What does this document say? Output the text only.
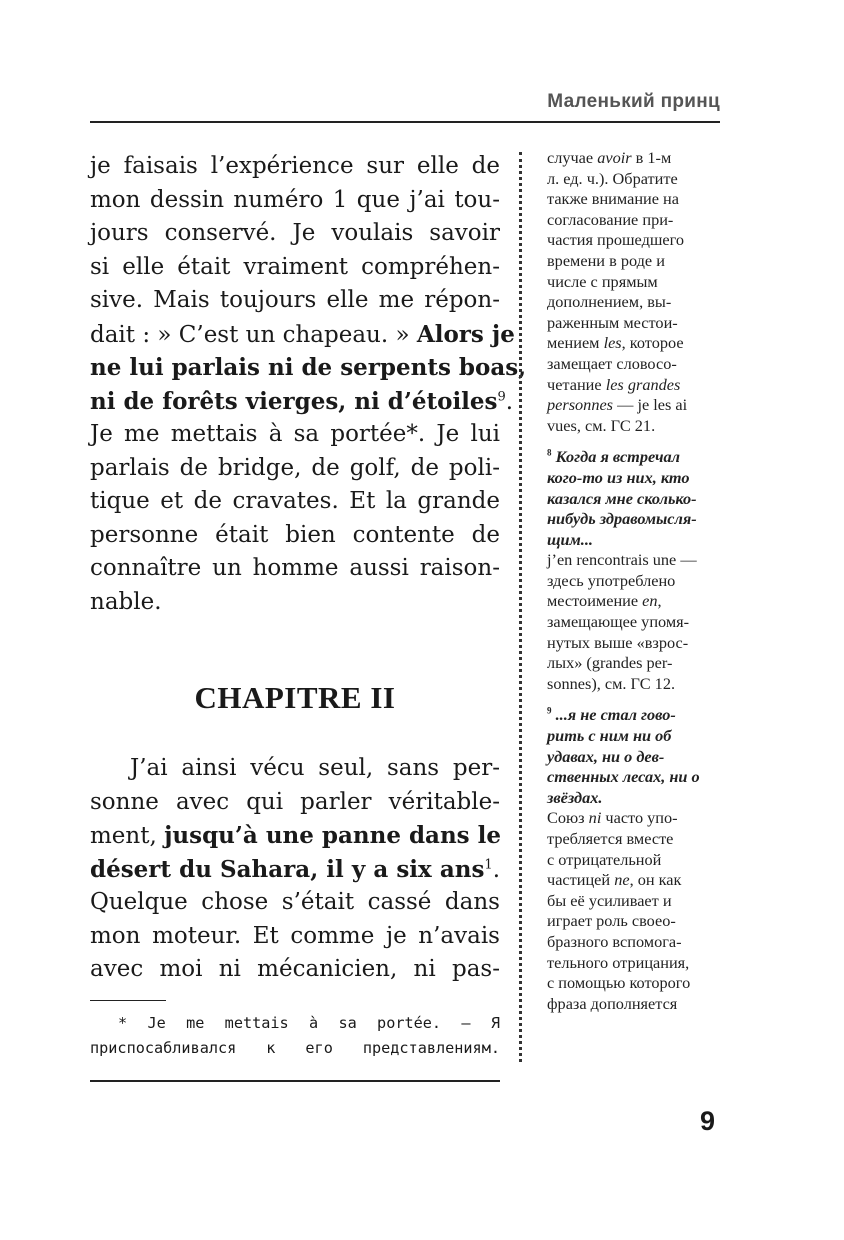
Маленький принц
je faisais l’expérience sur elle de
mon dessin numéro 1 que j’ai tou-
jours conservé. Je voulais savoir
si elle était vraiment compréhen-
sive. Mais toujours elle me répon-
dait : » C’est un chapeau. » Alors je
ne lui parlais ni de serpents boas,
ni de forêts vierges, ni d’étoiles$^9$.
Je me mettais à sa portée*. Je lui
parlais de bridge, de golf, de poli-
tique et de cravates. Et la grande
personne était bien contente de
connaître un homme aussi raison-
nable.
CHAPITRE II
J’ai ainsi vécu seul, sans per-
sonne avec qui parler véritable-
ment, jusqu’à une panne dans le
désert du Sahara, il y a six ans$^1$.
Quelque chose s’était cassé dans
mon moteur. Et comme je n’avais
avec moi ni mécanicien, ni pas-
* Je me mettais à sa portée. – Я
приспосабливался к его представлениям.
случае avoir в 1-м
л. ед. ч.). Обратите
также внимание на
согласование при-
частия прошедшего
времени в роде и
числе с прямым
дополнением, вы-
раженным местои-
мением les, которое
замещает словосо-
четание les grandes
personnes — je les ai
vues, см. ГС 21.
$^8$ Когда я встречал
кого-то из них, кто
казался мне сколько-
нибудь здравомысля-
щим...
j’en rencontrais une —
здесь употреблено
местоимение en,
замещающее упомя-
нутых выше «взрос-
лых» (grandes per-
sonnes), см. ГС 12.
$^9$ ...я не стал гово-
рить с ним ни об
удавах, ни о дев-
ственных лесах, ни о
звёздах.
Союз ni часто упо-
требляется вместе
с отрицательной
частицей ne, он как
бы её усиливает и
играет роль своео-
бразного вспомога-
тельного отрицания,
с помощью которого
фраза дополняется
9
